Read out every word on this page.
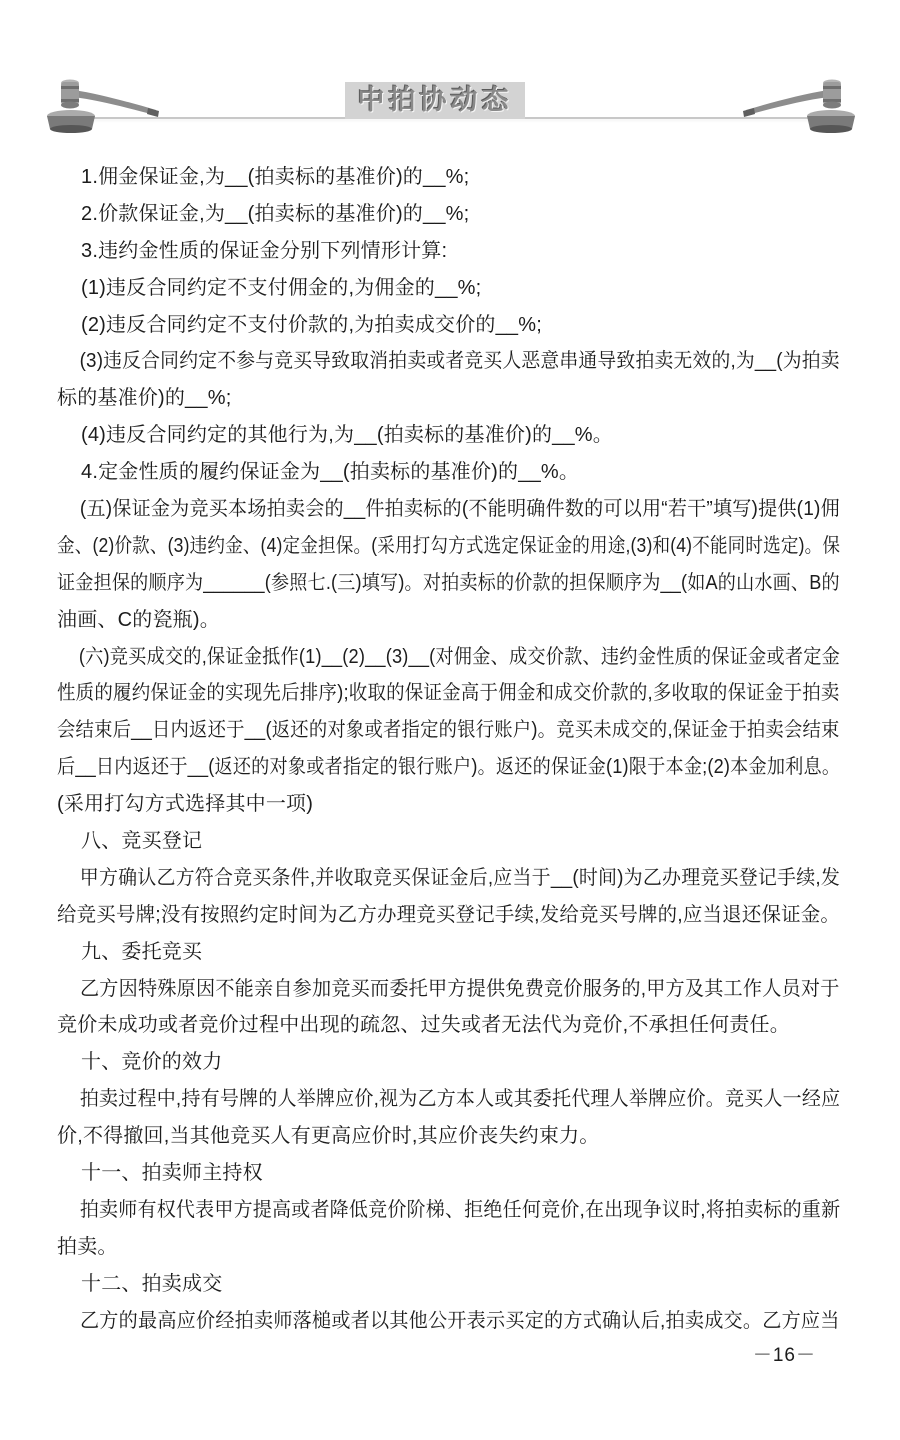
中拍协动态
1.佣金保证金,为__(拍卖标的基准价)的__%;
2.价款保证金,为__(拍卖标的基准价)的__%;
3.违约金性质的保证金分别下列情形计算:
(1)违反合同约定不支付佣金的,为佣金的__%;
(2)违反合同约定不支付价款的,为拍卖成交价的__%;
(3)违反合同约定不参与竞买导致取消拍卖或者竞买人恶意串通导致拍卖无效的,为__(为拍卖
标的基准价)的__%;
(4)违反合同约定的其他行为,为__(拍卖标的基准价)的__%。
4.定金性质的履约保证金为__(拍卖标的基准价)的__%。
(五)保证金为竞买本场拍卖会的__件拍卖标的(不能明确件数的可以用“若干”填写)提供(1)佣
金、(2)价款、(3)违约金、(4)定金担保。(采用打勾方式选定保证金的用途,(3)和(4)不能同时选定)。保
证金担保的顺序为______(参照七.(三)填写)。对拍卖标的价款的担保顺序为__(如A的山水画、B的
油画、C的瓷瓶)。
(六)竞买成交的,保证金抵作(1)__(2)__(3)__(对佣金、成交价款、违约金性质的保证金或者定金
性质的履约保证金的实现先后排序);收取的保证金高于佣金和成交价款的,多收取的保证金于拍卖
会结束后__日内返还于__(返还的对象或者指定的银行账户)。竞买未成交的,保证金于拍卖会结束
后__日内返还于__(返还的对象或者指定的银行账户)。返还的保证金(1)限于本金;(2)本金加利息。
(采用打勾方式选择其中一项)
八、竞买登记
甲方确认乙方符合竞买条件,并收取竞买保证金后,应当于__(时间)为乙办理竞买登记手续,发
给竞买号牌;没有按照约定时间为乙方办理竞买登记手续,发给竞买号牌的,应当退还保证金。
九、委托竞买
乙方因特殊原因不能亲自参加竞买而委托甲方提供免费竞价服务的,甲方及其工作人员对于
竞价未成功或者竞价过程中出现的疏忽、过失或者无法代为竞价,不承担任何责任。
十、竞价的效力
拍卖过程中,持有号牌的人举牌应价,视为乙方本人或其委托代理人举牌应价。竞买人一经应
价,不得撤回,当其他竞买人有更高应价时,其应价丧失约束力。
十一、拍卖师主持权
拍卖师有权代表甲方提高或者降低竞价阶梯、拒绝任何竞价,在出现争议时,将拍卖标的重新
拍卖。
十二、拍卖成交
乙方的最高应价经拍卖师落槌或者以其他公开表示买定的方式确认后,拍卖成交。乙方应当
－16－
